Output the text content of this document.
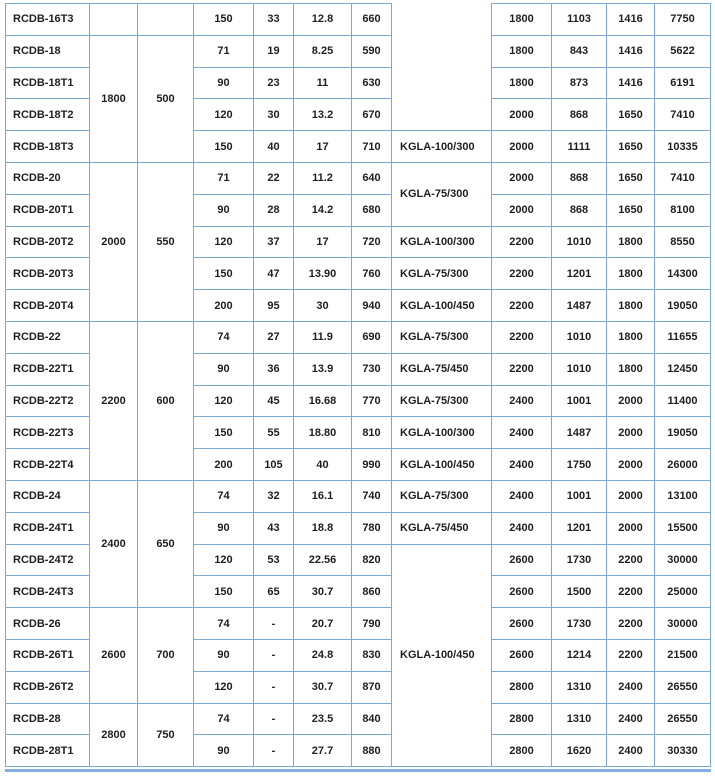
RCDB-16T3			150	33	12.8	660		1800	1103	1416	7750
RCDB-18	1800	500	71	19	8.25	590		1800	843	1416	5622
RCDB-18T1			90	23	11	630		1800	873	1416	6191
RCDB-18T2			120	30	13.2	670		2000	868	1650	7410
RCDB-18T3			150	40	17	710	KGLA-100/300	2000	1111	1650	10335
RCDB-20	2000	550	71	22	11.2	640	KGLA-75/300	2000	868	1650	7410
RCDB-20T1			90	28	14.2	680		2000	868	1650	8100
RCDB-20T2			120	37	17	720	KGLA-100/300	2200	1010	1800	8550
RCDB-20T3			150	47	13.90	760	KGLA-75/300	2200	1201	1800	14300
RCDB-20T4			200	95	30	940	KGLA-100/450	2200	1487	1800	19050
RCDB-22	2200	600	74	27	11.9	690	KGLA-75/300	2200	1010	1800	11655
RCDB-22T1			90	36	13.9	730	KGLA-75/450	2200	1010	1800	12450
RCDB-22T2			120	45	16.68	770	KGLA-75/300	2400	1001	2000	11400
RCDB-22T3			150	55	18.80	810	KGLA-100/300	2400	1487	2000	19050
RCDB-22T4			200	105	40	990	KGLA-100/450	2400	1750	2000	26000
RCDB-24	2400	650	74	32	16.1	740	KGLA-75/300	2400	1001	2000	13100
RCDB-24T1			90	43	18.8	780	KGLA-75/450	2400	1201	2000	15500
RCDB-24T2			120	53	22.56	820	KGLA-100/450	2600	1730	2200	30000
RCDB-24T3			150	65	30.7	860		2600	1500	2200	25000
RCDB-26	2600	700	74	-	20.7	790		2600	1730	2200	30000
RCDB-26T1			90	-	24.8	830		2600	1214	2200	21500
RCDB-26T2			120	-	30.7	870		2800	1310	2400	26550
RCDB-28	2800	750	74	-	23.5	840		2800	1310	2400	26550
RCDB-28T1			90	-	27.7	880		2800	1620	2400	30330
